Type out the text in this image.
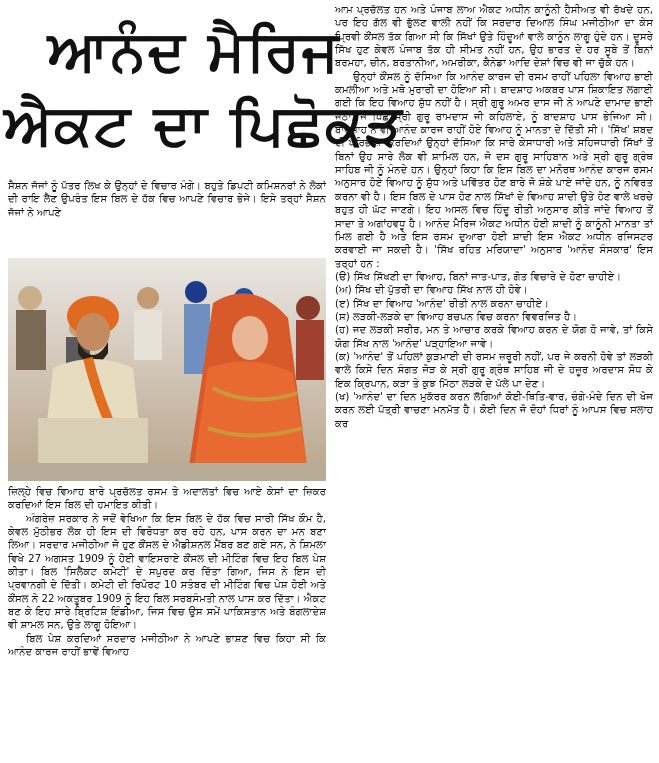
ਆਨੰਦ ਮੈਰਿਜ
ਐਕਟ ਦਾ ਪਿਛੋਕੜ

ਸੈਸ਼ਨ ਜੱਜਾਂ ਨੂੰ ਪੱਤਰ ਲਿਖ ਕੇ ਉਨ੍ਹਾਂ ਦੇ ਵਿਚਾਰ ਮੰਗੇ। ਬਹੁਤੇ ਡਿਪਟੀ ਕਮਿਸ਼ਨਰਾਂ ਨੇ ਲੋਕਾਂ ਦੀ ਰਾਇ ਲੈਣ ਉਪਰੰਤ ਇਸ ਬਿਲ ਦੇ ਹੱਕ ਵਿਚ ਆਪਣੇ ਵਿਚਾਰ ਭੇਜੇ। ਇਸੇ ਤਰ੍ਹਾਂ ਸੈਸ਼ਨ ਜੱਜਾਂ ਨੇ ਆਪਣੇ

ਜ਼ਿਲ੍ਹੇ ਵਿਚ ਵਿਆਹ ਬਾਰੇ ਪ੍ਰਚੱਲਤ ਰਸਮ ਤੇ ਅਦਾਲਤਾਂ ਵਿਚ ਆਏ ਕੇਸਾਂ ਦਾ ਜ਼ਿਕਰ ਕਰਦਿਆਂ ਇਸ ਬਿਲ ਦੀ ਹਮਾਇਤ ਕੀਤੀ।

ਅੰਗਰੇਜ਼ ਸਰਕਾਰ ਨੇ ਜਦੋਂ ਵੇਖਿਆ ਕਿ ਇਸ ਬਿਲ ਦੇ ਹੱਕ ਵਿਚ ਸਾਰੀ ਸਿੱਖ ਕੌਮ ਹੈ, ਕੇਵਲ ਮੁੱਠੀਭਰ ਲੋਕ ਹੀ ਇਸ ਦੀ ਵਿਰੋਧਤਾ ਕਰ ਰਹੇ ਹਨ, ਪਾਸ ਕਰਨ ਦਾ ਮਨ ਬਣਾ ਲਿਆ। ਸਰਦਾਰ ਮਜੀਠੀਆ ਜੋ ਹੁਣ ਕੌਂਸਲ ਦੇ ਐਡੀਸ਼ਨਲ ਮੈਂਬਰ ਬਣ ਗਏ ਸਨ, ਨੇ ਸ਼ਿਮਲਾ ਵਿਖੇ 27 ਅਗਸਤ 1909 ਨੂੰ ਹੋਈ ਵਾਇਸਰਾਏ ਕੌਂਸਲ ਦੀ ਮੀਟਿੰਗ ਵਿਚ ਇਹ ਬਿਲ ਪੇਸ਼ ਕੀਤਾ। ਬਿਲ 'ਸਿਲੈਕਟ ਕਮੇਟੀ' ਦੇ ਸਪੁਰਦ ਕਰ ਦਿੱਤਾ ਗਿਆ, ਜਿਸ ਨੇ ਇਸ ਦੀ ਪ੍ਰਵਾਨਗੀ ਦੇ ਦਿੱਤੀ। ਕਮੇਟੀ ਦੀ ਰਿਪੋਰਟ 10 ਸਤੰਬਰ ਦੀ ਮੀਟਿੰਗ ਵਿਚ ਪੇਸ਼ ਹੋਈ ਅਤੇ ਕੌਂਸਲ ਨੇ 22 ਅਕਤੂਬਰ 1909 ਨੂੰ ਇਹ ਬਿਲ ਸਰਬਸੰਮਤੀ ਨਾਲ ਪਾਸ ਕਰ ਦਿੱਤਾ। ਐਕਟ ਬਣ ਕੇ ਇਹ ਸਾਰੇ ਬ੍ਰਿਟਿਸ਼ ਇੰਡੀਆ, ਜਿਸ ਵਿਚ ਉਸ ਸਮੇਂ ਪਾਕਿਸਤਾਨ ਅਤੇ ਬੰਗਲਾਦੇਸ਼ ਵੀ ਸ਼ਾਮਲ ਸਨ, ਉਤੇ ਲਾਗੂ ਹੋਇਆ।

ਬਿਲ ਪੇਸ਼ ਕਰਦਿਆਂ ਸਰਦਾਰ ਮਜੀਠੀਆ ਨੇ ਆਪਣੇ ਭਾਸ਼ਣ ਵਿਚ ਕਿਹਾ ਸੀ ਕਿ ਆਨੰਦ ਕਾਰਜ ਰਾਹੀਂ ਭਾਵੇਂ ਵਿਆਹ

ਆਮ ਪ੍ਰਚੱਲਤ ਹਨ ਅਤੇ ਪੰਜਾਬ ਲਾਅ ਐਕਟ ਅਧੀਨ ਕਾਨੂੰਨੀ ਹੈਸੀਅਤ ਵੀ ਰੱਖਦੇ ਹਨ, ਪਰ ਇਹ ਗੱਲ ਵੀ ਭੁੱਲਣ ਵਾਲੀ ਨਹੀਂ ਕਿ ਸਰਦਾਰ ਦਿਆਲ ਸਿੰਘ ਮਜੀਠੀਆ ਦਾ ਕੇਸ ਪ੍ਰਿਵੀ ਕੌਂਸਲ ਤੱਕ ਗਿਆ ਸੀ ਕਿ ਸਿੱਖਾਂ ਉਤੇ ਹਿੰਦੂਆਂ ਵਾਲੇ ਕਾਨੂੰਨ ਲਾਗੂ ਹੁੰਦੇ ਹਨ। ਦੂਸਰੇ ਸਿੱਖ ਹੁਣ ਕੇਵਲ ਪੰਜਾਬ ਤੱਕ ਹੀ ਸੀਮਤ ਨਹੀਂ ਹਨ, ਉਹ ਭਾਰਤ ਦੇ ਹਰ ਸੂਬੇ ਤੋਂ ਬਿਨਾਂ ਬਰਮਹਾ, ਚੀਨ, ਬਰਤਾਨੀਆ, ਅਮਰੀਕਾ, ਕੈਨੇਡਾ ਆਦਿ ਦੇਸ਼ਾਂ ਵਿਚ ਵੀ ਜਾ ਚੁੱਕੇ ਹਨ।

ਉਨ੍ਹਾਂ ਕੌਂਸਲ ਨੂੰ ਦੱਸਿਆ ਕਿ ਆਨੰਦ ਕਾਰਜ ਦੀ ਰਸਮ ਰਾਹੀਂ ਪਹਿਲਾ ਵਿਆਹ ਭਾਈ ਕਮਲੀਆ ਅਤੇ ਮਥੋ ਮੁਰਾਰੀ ਦਾ ਹੋਇਆ ਸੀ। ਬਾਦਸ਼ਾਹ ਅਕਬਰ ਪਾਸ ਸ਼ਿਕਾਇਤ ਲਗਾਈ ਗਈ ਕਿ ਇਹ ਵਿਆਹ ਸ਼ੁੱਧ ਨਹੀਂ ਹੈ। ਸ੍ਰੀ ਗੁਰੂ ਅਮਰ ਦਾਸ ਜੀ ਨੇ ਆਪਣੇ ਦਾਮਾਦ ਭਾਈ ਜੇਠਾ, ਜੋ ਪਿੱਛੋਂ ਸ੍ਰੀ ਗੁਰੂ ਰਾਮਦਾਸ ਜੀ ਕਹਿਲਾਏ, ਨੂੰ ਬਾਦਸ਼ਾਹ ਪਾਸ ਭੇਜਿਆ ਸੀ। ਬਾਦਸ਼ਾਹ ਨੇ ਵੀ ਆਨੰਦ ਕਾਰਜ ਰਾਹੀਂ ਹੋਏ ਵਿਆਹ ਨੂੰ ਮਾਨਤਾ ਦੇ ਦਿੱਤੀ ਸੀ। 'ਸਿੱਖ' ਸ਼ਬਦ ਦੀ ਪਰਿਭਾਸ਼ਾ ਕਰਦਿਆਂ ਉਨ੍ਹਾਂ ਦੱਸਿਆ ਕਿ ਸਾਰੇ ਕੇਸਾਧਾਰੀ ਅਤੇ ਸਹਿਜਧਾਰੀ ਸਿੱਖਾਂ ਤੋਂ ਬਿਨਾਂ ਉਹ ਸਾਰੇ ਲੋਕ ਵੀ ਸ਼ਾਮਿਲ ਹਨ, ਜੋ ਦਸ ਗੁਰੂ ਸਾਹਿਬਾਨ ਅਤੇ ਸ੍ਰੀ ਗੁਰੂ ਗ੍ਰੰਥ ਸਾਹਿਬ ਜੀ ਨੂੰ ਮੰਨਦੇ ਹਨ। ਉਨ੍ਹਾਂ ਕਿਹਾ ਕਿ ਇਸ ਬਿਲ ਦਾ ਮਨੋਰਥ ਆਨੰਦ ਕਾਰਜ ਰਸਮ ਅਨੁਸਾਰ ਹੋਏ ਵਿਆਹ ਨੂੰ ਸ਼ੁੱਧ ਅਤੇ ਪਵਿੱਤਰ ਹੋਣ ਬਾਰੇ ਜੋ ਸ਼ੰਕੇ ਪਾਏ ਜਾਂਦੇ ਹਨ, ਨੂੰ ਨਵਿਰਤ ਕਰਨਾ ਵੀ ਹੈ। ਇਸ ਬਿਲ ਦੇ ਪਾਸ ਹੋਣ ਨਾਲ ਸਿੱਖਾਂ ਦੇ ਵਿਆਹ ਸ਼ਾਦੀ ਉਤੇ ਹੋਣ ਵਾਲੇ ਖਰਚੇ ਬਹੁਤ ਹੀ ਘੱਟ ਜਾਣਗੇ। ਇਹ ਅਸਲ ਵਿਚ ਹਿੰਦੂ ਰੀਤੀ ਅਨੁਸਾਰ ਕੀਤੇ ਜਾਂਦੇ ਵਿਆਹ ਤੋਂ ਸਾਦਾ ਤੇ ਅਗਾਂਹਵਧੂ ਹੈ। ਆਨੰਦ ਮੈਰਿਜ ਐਕਟ ਅਧੀਨ ਹੋਈ ਸ਼ਾਦੀ ਨੂੰ ਕਾਨੂੰਨੀ ਮਾਨਤਾ ਤਾਂ ਮਿਲ ਗਈ ਹੈ ਅਤੇ ਇਸ ਰਸਮ ਦੁਆਰਾ ਹੋਈ ਸ਼ਾਦੀ ਇਸ ਐਕਟ ਅਧੀਨ ਰਜਿਸਟਰ ਕਰਵਾਈ ਜਾ ਸਕਦੀ ਹੈ। 'ਸਿੱਖ ਰਹਿਤ ਮਰਿਯਾਦਾ' ਅਨੁਸਾਰ 'ਆਨੰਦ ਸੰਸਕਾਰ' ਇਸ ਤਰ੍ਹਾਂ ਹਨ :

(ੳ) ਸਿੱਖ ਸਿੱਖਣੀ ਦਾ ਵਿਆਹ, ਬਿਨਾਂ ਜਾਤ-ਪਾਤ, ਗੋਤ ਵਿਚਾਰੇ ਦੇ ਹੋਣਾ ਚਾਹੀਏ।

(ਅ) ਸਿੱਖ ਦੀ ਪੁੱਤਰੀ ਦਾ ਵਿਆਹ ਸਿੱਖ ਨਾਲ ਹੀ ਹੋਵੇ।

(ੲ) ਸਿੱਖ ਦਾ ਵਿਆਹ 'ਆਨੰਦ' ਰੀਤੀ ਨਾਲ ਕਰਨਾ ਚਾਹੀਏ।

(ਸ) ਲੜਕੀ-ਲੜਕੇ ਦਾ ਵਿਆਹ ਬਚਪਨ ਵਿਚ ਕਰਨਾ ਵਿਵਰਜਿਤ ਹੈ।

(ਹ) ਜਦ ਲੜਕੀ ਸਰੀਰ, ਮਨ ਤੇ ਆਚਾਰ ਕਰਕੇ ਵਿਆਹ ਕਰਨ ਦੇ ਯੋਗ ਹੋ ਜਾਵੇ, ਤਾਂ ਕਿਸੇ ਯੋਗ ਸਿੱਖ ਨਾਲ 'ਆਨੰਦ' ਪੜ੍ਹਾਇਆ ਜਾਵੇ।

(ਕ) 'ਆਨੰਦ' ਤੋਂ ਪਹਿਲਾਂ ਕੁੜਮਾਈ ਦੀ ਰਸਮ ਜ਼ਰੂਰੀ ਨਹੀਂ, ਪਰ ਜੇ ਕਰਨੀ ਹੋਵੇ ਤਾਂ ਲੜਕੀ ਵਾਲੇ ਕਿਸੇ ਦਿਨ ਸੰਗਤ ਜੋੜ ਕੇ ਸ੍ਰੀ ਗੁਰੂ ਗ੍ਰੰਥ ਸਾਹਿਬ ਜੀ ਦੇ ਹਜ਼ੂਰ ਅਰਦਾਸ ਸੋਧ ਕੇ ਇਕ ਕ੍ਰਿਪਾਨ, ਕੜਾ ਤੇ ਕੁਝ ਮਿੱਠਾ ਲੜਕੇ ਦੇ ਪੱਲੇ ਪਾ ਦੇਣ।

(ਖ) 'ਆਨੰਦ' ਦਾ ਦਿਨ ਮੁਕੱਰਰ ਕਰਨ ਲੱਗਿਆਂ ਕੋਈ-ਥਿਤਿ-ਵਾਰ, ਚੰਗੇ-ਮੰਦੇ ਦਿਨ ਦੀ ਖੋਜ ਕਰਨ ਲਈ ਪੱਤ੍ਰੀ ਵਾਚਣਾ ਮਨਮੱਤ ਹੈ। ਕੋਈ ਦਿਨ ਜੋ ਦੋਹਾਂ ਧਿਰਾਂ ਨੂੰ ਆਪਸ ਵਿਚ ਸਲਾਹ ਕਰ
